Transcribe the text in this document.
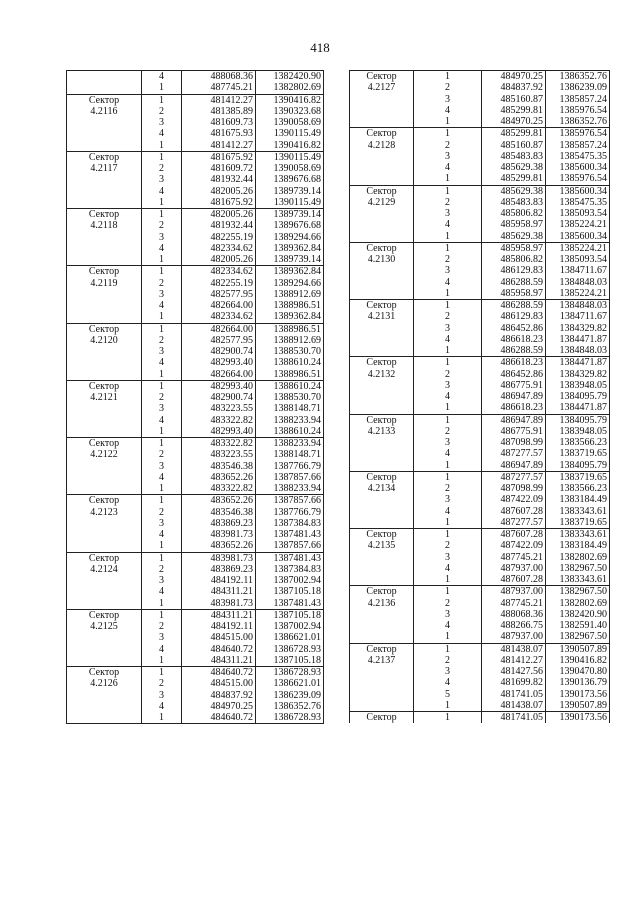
418
	4	488068.36	1382420.90
	1	487745.21	1382802.69
Сектор	1	481412.27	1390416.82
4.2116	2	481385.89	1390323.68
	3	481609.73	1390058.69
	4	481675.93	1390115.49
	1	481412.27	1390416.82
Сектор	1	481675.92	1390115.49
4.2117	2	481609.72	1390058.69
	3	481932.44	1389676.68
	4	482005.26	1389739.14
	1	481675.92	1390115.49
Сектор	1	482005.26	1389739.14
4.2118	2	481932.44	1389676.68
	3	482255.19	1389294.66
	4	482334.62	1389362.84
	1	482005.26	1389739.14
Сектор	1	482334.62	1389362.84
4.2119	2	482255.19	1389294.66
	3	482577.95	1388912.69
	4	482664.00	1388986.51
	1	482334.62	1389362.84
Сектор	1	482664.00	1388986.51
4.2120	2	482577.95	1388912.69
	3	482900.74	1388530.70
	4	482993.40	1388610.24
	1	482664.00	1388986.51
Сектор	1	482993.40	1388610.24
4.2121	2	482900.74	1388530.70
	3	483223.55	1388148.71
	4	483322.82	1388233.94
	1	482993.40	1388610.24
Сектор	1	483322.82	1388233.94
4.2122	2	483223.55	1388148.71
	3	483546.38	1387766.79
	4	483652.26	1387857.66
	1	483322.82	1388233.94
Сектор	1	483652.26	1387857.66
4.2123	2	483546.38	1387766.79
	3	483869.23	1387384.83
	4	483981.73	1387481.43
	1	483652.26	1387857.66
Сектор	1	483981.73	1387481.43
4.2124	2	483869.23	1387384.83
	3	484192.11	1387002.94
	4	484311.21	1387105.18
	1	483981.73	1387481.43
Сектор	1	484311.21	1387105.18
4.2125	2	484192.11	1387002.94
	3	484515.00	1386621.01
	4	484640.72	1386728.93
	1	484311.21	1387105.18
Сектор	1	484640.72	1386728.93
4.2126	2	484515.00	1386621.01
	3	484837.92	1386239.09
	4	484970.25	1386352.76
	1	484640.72	1386728.93
Сектор	1	484970.25	1386352.76
4.2127	2	484837.92	1386239.09
	3	485160.87	1385857.24
	4	485299.81	1385976.54
	1	484970.25	1386352.76
Сектор	1	485299.81	1385976.54
4.2128	2	485160.87	1385857.24
	3	485483.83	1385475.35
	4	485629.38	1385600.34
	1	485299.81	1385976.54
Сектор	1	485629.38	1385600.34
4.2129	2	485483.83	1385475.35
	3	485806.82	1385093.54
	4	485958.97	1385224.21
	1	485629.38	1385600.34
Сектор	1	485958.97	1385224.21
4.2130	2	485806.82	1385093.54
	3	486129.83	1384711.67
	4	486288.59	1384848.03
	1	485958.97	1385224.21
Сектор	1	486288.59	1384848.03
4.2131	2	486129.83	1384711.67
	3	486452.86	1384329.82
	4	486618.23	1384471.87
	1	486288.59	1384848.03
Сектор	1	486618.23	1384471.87
4.2132	2	486452.86	1384329.82
	3	486775.91	1383948.05
	4	486947.89	1384095.79
	1	486618.23	1384471.87
Сектор	1	486947.89	1384095.79
4.2133	2	486775.91	1383948.05
	3	487098.99	1383566.23
	4	487277.57	1383719.65
	1	486947.89	1384095.79
Сектор	1	487277.57	1383719.65
4.2134	2	487098.99	1383566.23
	3	487422.09	1383184.49
	4	487607.28	1383343.61
	1	487277.57	1383719.65
Сектор	1	487607.28	1383343.61
4.2135	2	487422.09	1383184.49
	3	487745.21	1382802.69
	4	487937.00	1382967.50
	1	487607.28	1383343.61
Сектор	1	487937.00	1382967.50
4.2136	2	487745.21	1382802.69
	3	488068.36	1382420.90
	4	488266.75	1382591.40
	1	487937.00	1382967.50
Сектор	1	481438.07	1390507.89
4.2137	2	481412.27	1390416.82
	3	481427.56	1390470.80
	4	481699.82	1390136.79
	5	481741.05	1390173.56
	1	481438.07	1390507.89
Сектор	1	481741.05	1390173.56
